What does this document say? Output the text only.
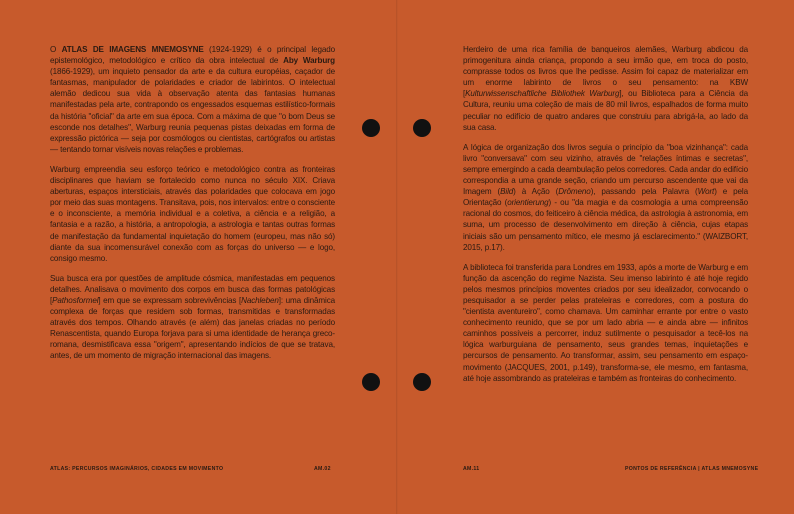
O ATLAS DE IMAGENS MNEMOSYNE (1924-1929) é o principal legado epistemológico, metodológico e crítico da obra intelectual de Aby Warburg (1866-1929), um inquieto pensador da arte e da cultura européias, caçador de fantasmas, manipulador de polaridades e criador de labirintos. O intelectual alemão dedicou sua vida à observação atenta das fantasias humanas manifestadas pela arte, contrapondo os engessados esquemas estilístico-formais da história "oficial" da arte em sua época. Com a máxima de que "o bom Deus se esconde nos detalhes", Warburg reunia pequenas pistas deixadas em forma de expressão pictórica — seja por cosmólogos ou cientistas, cartógrafos ou artistas — tentando tornar visíveis novas relações e problemas.

Warburg empreendia seu esforço teórico e metodológico contra as fronteiras disciplinares que haviam se fortalecido como nunca no século XIX. Criava aberturas, espaços intersticiais, através das polaridades que colocava em jogo por meio das suas montagens. Transitava, pois, nos intervalos: entre o consciente e o inconsciente, a memória individual e a coletiva, a ciência e a religião, a fantasia e a razão, a história, a antropologia, a astrologia e tantas outras formas de manifestação da fundamental inquietação do homem (europeu, mas não só) diante da sua incomensurável conexão com as forças do universo — e logo, consigo mesmo.

Sua busca era por questões de amplitude cósmica, manifestadas em pequenos detalhes. Analisava o movimento dos corpos em busca das formas patológicas [Pathosformel] em que se expressam sobrevivências [Nachleben]: uma dinâmica complexa de forças que residem sob formas, transmitidas e transformadas através dos tempos. Olhando através (e além) das janelas criadas no período Renascentista, quando Europa forjava para si uma identidade de herança greco-romana, desmistificava essa "origem", apresentando indícios de que se tratava, antes, de um momento de migração internacional das imagens.

ATLAS: PERCURSOS IMAGINÁRIOS, CIDADES EM MOVIMENTO	AM.02

Herdeiro de uma rica família de banqueiros alemães, Warburg abdicou da primogenitura ainda criança, propondo a seu irmão que, em troca do posto, comprasse todos os livros que lhe pedisse. Assim foi capaz de materializar em um enorme labirinto de livros o seu pensamento: na KBW [Kulturwissenschaftliche Bibliothek Warburg], ou Biblioteca para a Ciência da Cultura, reuniu uma coleção de mais de 80 mil livros, espalhados de forma muito peculiar no edifício de quatro andares que construiu para abrigá-la, ao lado da sua casa.

A lógica de organização dos livros seguia o princípio da "boa vizinhança": cada livro "conversava" com seu vizinho, através de "relações íntimas e secretas", sempre emergindo a cada deambulação pelos corredores. Cada andar do edifício correspondia a uma grande seção, criando um percurso ascendente que vai da Imagem (Bild) à Ação (Drômeno), passando pela Palavra (Wort) e pela Orientação (orientierung) - ou "da magia e da cosmologia a uma compreensão racional do cosmos, do feiticeiro à ciência médica, da astrologia à astronomia, em suma, um processo de desenvolvimento em direção à ciência, cujas etapas iniciais são um pensamento mítico, ele mesmo já esclarecimento." (WAIZBORT, 2015, p.17).

A biblioteca foi transferida para Londres em 1933, após a morte de Warburg e em função da ascenção do regime Nazista. Seu imenso labirinto é até hoje regido pelos mesmos princípios moventes criados por seu idealizador, convocando o pesquisador a se perder pelas prateleiras e corredores, com a postura do "cientista aventureiro", como chamava. Um caminhar errante por entre o vasto conhecimento reunido, que se por um lado abria — e ainda abre — infinitos caminhos possíveis a percorrer, induz sutilmente o pesquisador a tecê-los na lógica warburguiana de pensamento, seus grandes temas, inquietações e percursos de pensamento. Ao transformar, assim, seu pensamento em espaço-movimento (JACQUES, 2001, p.149), transforma-se, ele mesmo, em fantasma, até hoje assombrando as prateleiras e também as fronteiras do conhecimento.

AM.11	PONTOS DE REFERÊNCIA | ATLAS MNEMOSYNE
